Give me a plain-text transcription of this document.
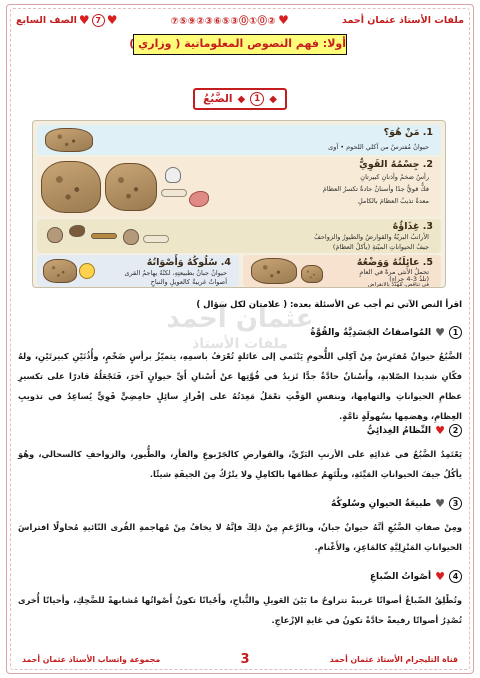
ملفات الأستاذ عثمان أحمد
♥
②⓪①⓪③⑤⑥③②⑨⑤⑦
♥
7
♥
الصف السابع
أولا: فهم النصوص المعلوماتية ( وزاري )
◆
1
◆
الضَّبُعُ
1. مَنْ هُوَ؟
حيوانٌ مُفترسٌ من آكلي اللحوم • آوى
2. جِسْمُهُ القَوِيُّ
رأسٌ ضخمٌ وأذنانِ كبيرتانِ
فكٌّ قويٌّ جدًا وأسنانٌ حادةٌ تكسرُ العظامَ
معدةٌ تذيبُ العظامَ بالكاملِ
3. غِذَاؤُهُ
الأرانبُ البريّةُ والقوارضُ والطيورُ والزواحفُ
جيفُ الحيواناتِ الميّتةِ (يأكلُ العظامَ)
4. سُلُوكُهُ وَأَصْوَاتُهُ
حيوانٌ جبانٌ بطبيعتِهِ، لكنّهُ يهاجمُ القرى
أصواتٌ غريبةٌ كالعويلِ والنباحِ
5. عائِلَتُهُ وَوَضْعُهُ
تحملُ الأنثى مرةً في العامِ
(تلدُ 3-4 جِراء)
في تناقصٍ، مُهدّدٌ بالانقراضِ
عثمان أحمد
ملفات الأستاذ
اقرأ النص الآتي ثم أجب عن الأسئلة بعده: ( علامتان لكل سؤال )
1
♥
المُواصفاتُ الجَسَدِيَّةُ والقُوَّةُ

الضَّبُعُ حيوانٌ مُفتَرِسٌ مِنْ آكِلي اللُّحومِ يَنْتَمي إلى عائلةٍ تُعْرَفُ باسمِهِ، يتميّزُ برأسٍ ضَخْمٍ، وأُذُنَيْنِ كبيرتَيْنِ، ولهُ فكّانِ شديدا الصّلابةِ، وأَسْنانٌ حادَّةٌ جدًّا تَزيدُ في قُوَّتِها عنْ أَسْنانِ أَيِّ حيوانٍ آخرَ، فَتَجْعَلُهُ قادرًا على تكسيرِ عظامِ الحيواناتِ والتهامِها، وبنفسِ الوَقْتِ تعْمَلُ مَعِدَتُهُ على إفْرازِ سائِلٍ حامِضِيٍّ قَوِيٍّ يُساعِدُ في تذويبِ العِظامِ، وهضمِها بسُهولَةٍ تامَّةٍ.

2
♥
النِّظامُ الغِذائِيُّ

يَعْتَمِدُ الضَّبُعُ في غذائِهِ على الأرنبِ البَرِّيِّ، والقوارضِ كالجَرْبوعِ والفأرِ، والطُّيورِ، والزواحفِ كالسحالي، وهُوَ يأكُلُ جيفَ الحيواناتِ المَيِّتَةِ، ويلْتَهِمُ عظامَها بالكامِلِ ولا يتْرُكُ مِنَ الجيفَةِ شيئًا.

3
♥
طبيعَةُ الحيوانِ وسُلوكُهُ

ومِنْ صفاتِ الضَّبُعِ أنَّهُ حيوانٌ جبانٌ، وبالرَّغمِ مِنْ ذلِكَ فإنَّهُ لا يخافُ مِنْ مُهاجمةِ القُرى النّائيةِ مُحاولًا افتراسَ الحيواناتِ المَنْزِلِيَّةِ كالمَاعِزِ، والأَغْنامِ.

4
♥
أصْواتُ الضّباعِ

وتُطْلِقُ الضّباعُ أصواتًا غريبةً تتراوحُ ما بَيْنَ العَويلِ والنُّباحِ، وأَحْيانًا تكونُ أَصْواتُها مُشابهةً للضَّحِكِ، وأحيانًا أُخرى تُصْدِرُ أصواتًا رفيعةً حادَّةً تكونُ في غايةِ الإزْعاجِ.

قناة التليجرام الأستاذ عثمان أحمد
3
مجموعة واتساب الأستاذ عثمان أحمد
